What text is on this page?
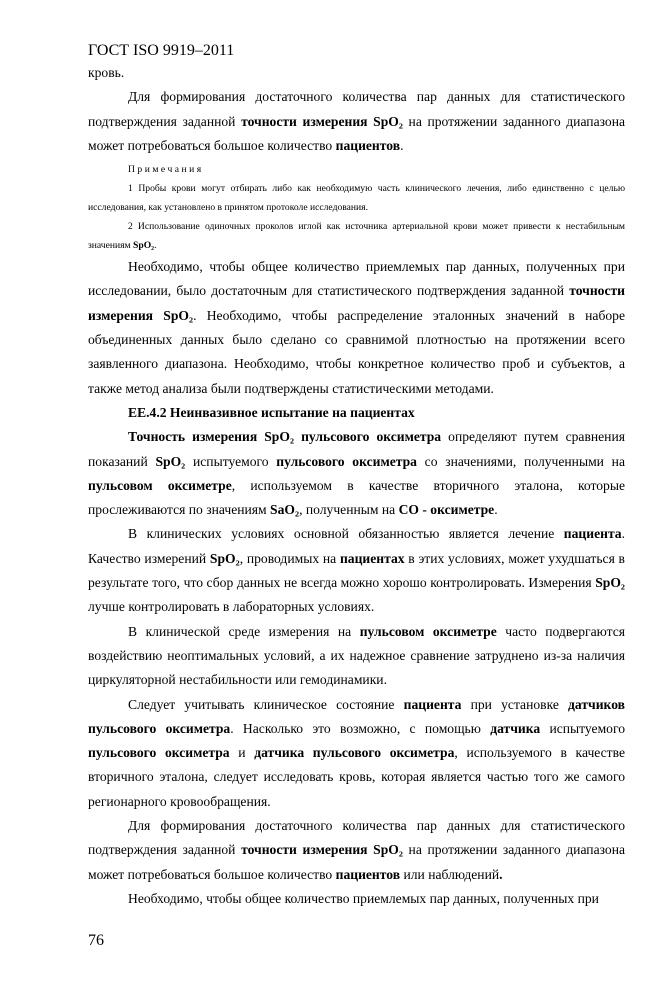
ГОСТ ISO 9919–2011
кровь.
Для формирования достаточного количества пар данных для статистического подтверждения заданной точности измерения SpO₂ на протяжении заданного диапазона может потребоваться большое количество пациентов.
Примечания
1 Пробы крови могут отбирать либо как необходимую часть клинического лечения, либо единственно с целью исследования, как установлено в принятом протоколе исследования.
2 Использование одиночных проколов иглой как источника артериальной крови может привести к нестабильным значениям SpO₂.
Необходимо, чтобы общее количество приемлемых пар данных, полученных при исследовании, было достаточным для статистического подтверждения заданной точности измерения SpO₂. Необходимо, чтобы распределение эталонных значений в наборе объединенных данных было сделано со сравнимой плотностью на протяжении всего заявленного диапазона. Необходимо, чтобы конкретное количество проб и субъектов, а также метод анализа были подтверждены статистическими методами.
ЕЕ.4.2 Неинвазивное испытание на пациентах
Точность измерения SpO₂ пульсового оксиметра определяют путем сравнения показаний SpO₂ испытуемого пульсового оксиметра со значениями, полученными на пульсовом оксиметре, используемом в качестве вторичного эталона, которые прослеживаются по значениям SaO₂, полученным на CO - оксиметре.
В клинических условиях основной обязанностью является лечение пациента. Качество измерений SpO₂, проводимых на пациентах в этих условиях, может ухудшаться в результате того, что сбор данных не всегда можно хорошо контролировать. Измерения SpO₂ лучше контролировать в лабораторных условиях.
В клинической среде измерения на пульсовом оксиметре часто подвергаются воздействию неоптимальных условий, а их надежное сравнение затруднено из-за наличия циркуляторной нестабильности или гемодинамики.
Следует учитывать клиническое состояние пациента при установке датчиков пульсового оксиметра. Насколько это возможно, с помощью датчика испытуемого пульсового оксиметра и датчика пульсового оксиметра, используемого в качестве вторичного эталона, следует исследовать кровь, которая является частью того же самого регионарного кровообращения.
Для формирования достаточного количества пар данных для статистического подтверждения заданной точности измерения SpO₂ на протяжении заданного диапазона может потребоваться большое количество пациентов или наблюдений.
Необходимо, чтобы общее количество приемлемых пар данных, полученных при
76
